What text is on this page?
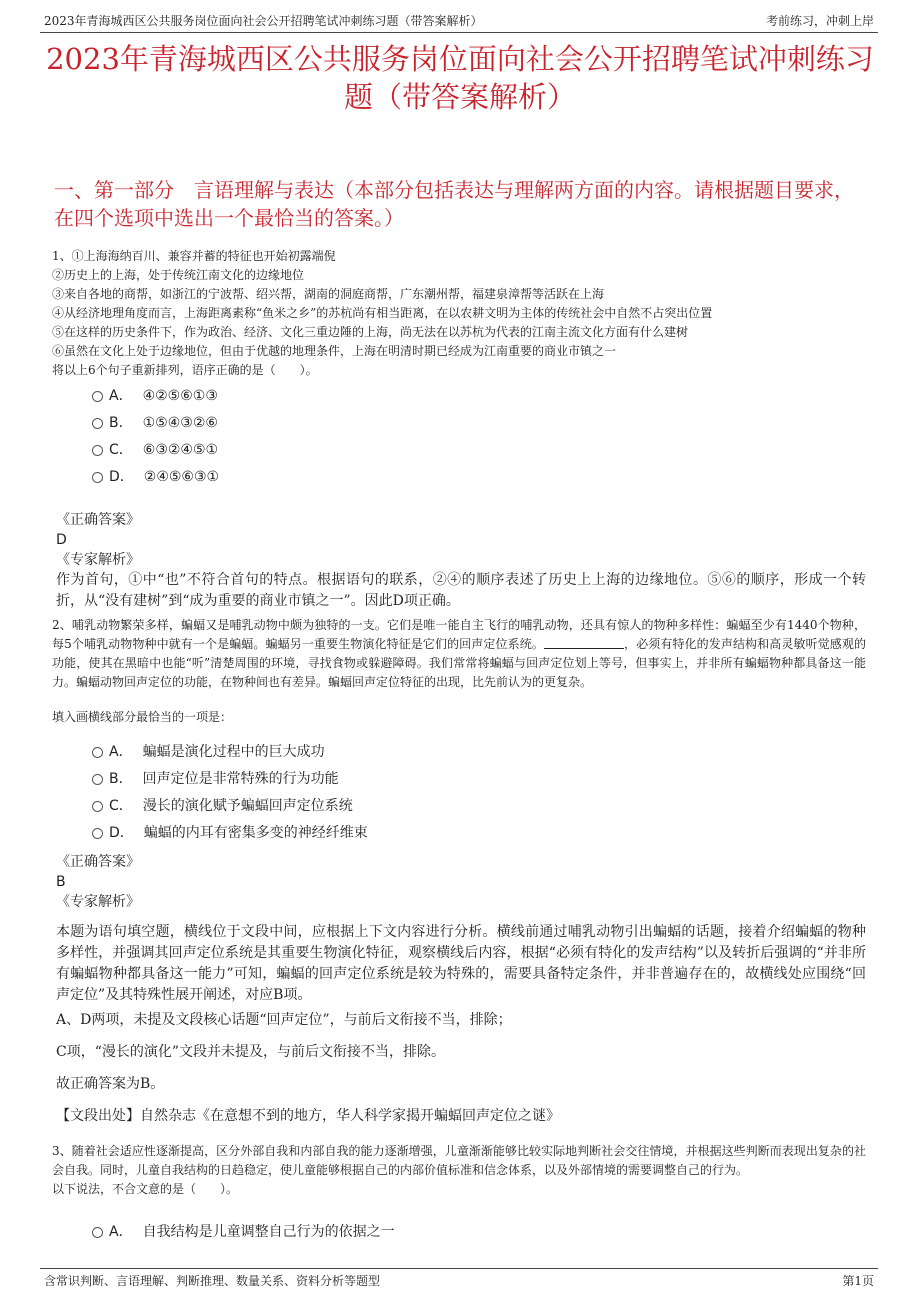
2023年青海城西区公共服务岗位面向社会公开招聘笔试冲刺练习题（带答案解析）	考前练习，冲刺上岸
2023年青海城西区公共服务岗位面向社会公开招聘笔试冲刺练习题（带答案解析）
一、第一部分　言语理解与表达（本部分包括表达与理解两方面的内容。请根据题目要求，在四个选项中选出一个最恰当的答案。）

1、①上海海纳百川、兼容并蓄的特征也开始初露端倪

②历史上的上海，处于传统江南文化的边缘地位

③来自各地的商帮，如浙江的宁波帮、绍兴帮，湖南的洞庭商帮，广东潮州帮，福建泉漳帮等活跃在上海

④从经济地理角度而言，上海距离素称“鱼米之乡”的苏杭尚有相当距离，在以农耕文明为主体的传统社会中自然不占突出位置

⑤在这样的历史条件下，作为政治、经济、文化三重边陲的上海，尚无法在以苏杭为代表的江南主流文化方面有什么建树

⑥虽然在文化上处于边缘地位，但由于优越的地理条件，上海在明清时期已经成为江南重要的商业市镇之一

将以上6个句子重新排列，语序正确的是（　　）。

A． ④②⑤⑥①③
B． ①⑤④③②⑥
C． ⑥③②④⑤①
D． ②④⑤⑥③①

《正确答案》

D

《专家解析》

作为首句，①中“也”不符合首句的特点。根据语句的联系，②④的顺序表述了历史上上海的边缘地位。⑤⑥的顺序，形成一个转折，从“没有建树”到“成为重要的商业市镇之一”。因此D项正确。

2、哺乳动物繁荣多样，蝙蝠又是哺乳动物中颇为独特的一支。它们是唯一能自主飞行的哺乳动物，还具有惊人的物种多样性：蝙蝠至少有1440个物种，每5个哺乳动物物种中就有一个是蝙蝠。蝙蝠另一重要生物演化特征是它们的回声定位系统。	，必须有特化的发声结构和高灵敏听觉感观的功能，使其在黑暗中也能“听”清楚周围的环境，寻找食物或躲避障碍。我们常常将蝙蝠与回声定位划上等号，但事实上，并非所有蝙蝠物种都具备这一能力。蝙蝠动物回声定位的功能，在物种间也有差异。蝙蝠回声定位特征的出现，比先前认为的更复杂。

填入画横线部分最恰当的一项是：

A． 蝙蝠是演化过程中的巨大成功
B． 回声定位是非常特殊的行为功能
C． 漫长的演化赋予蝙蝠回声定位系统
D． 蝙蝠的内耳有密集多变的神经纤维束

《正确答案》

B

《专家解析》

本题为语句填空题，横线位于文段中间，应根据上下文内容进行分析。横线前通过哺乳动物引出蝙蝠的话题，接着介绍蝙蝠的物种多样性，并强调其回声定位系统是其重要生物演化特征，观察横线后内容，根据“必须有特化的发声结构”以及转折后强调的“并非所有蝙蝠物种都具备这一能力”可知，蝙蝠的回声定位系统是较为特殊的，需要具备特定条件，并非普遍存在的，故横线处应围绕“回声定位”及其特殊性展开阐述，对应B项。

A、D两项，未提及文段核心话题“回声定位”，与前后文衔接不当，排除；

C项，“漫长的演化”文段并未提及，与前后文衔接不当，排除。

故正确答案为B。

【文段出处】自然杂志《在意想不到的地方，华人科学家揭开蝙蝠回声定位之谜》

3、随着社会适应性逐渐提高，区分外部自我和内部自我的能力逐渐增强，儿童渐渐能够比较实际地判断社会交往情境，并根据这些判断而表现出复杂的社会自我。同时，儿童自我结构的日趋稳定，使儿童能够根据自己的内部价值标准和信念体系，以及外部情境的需要调整自己的行为。

以下说法，不合文意的是（　　）。

A． 自我结构是儿童调整自己行为的依据之一
含常识判断、言语理解、判断推理、数量关系、资料分析等题型	第1页
